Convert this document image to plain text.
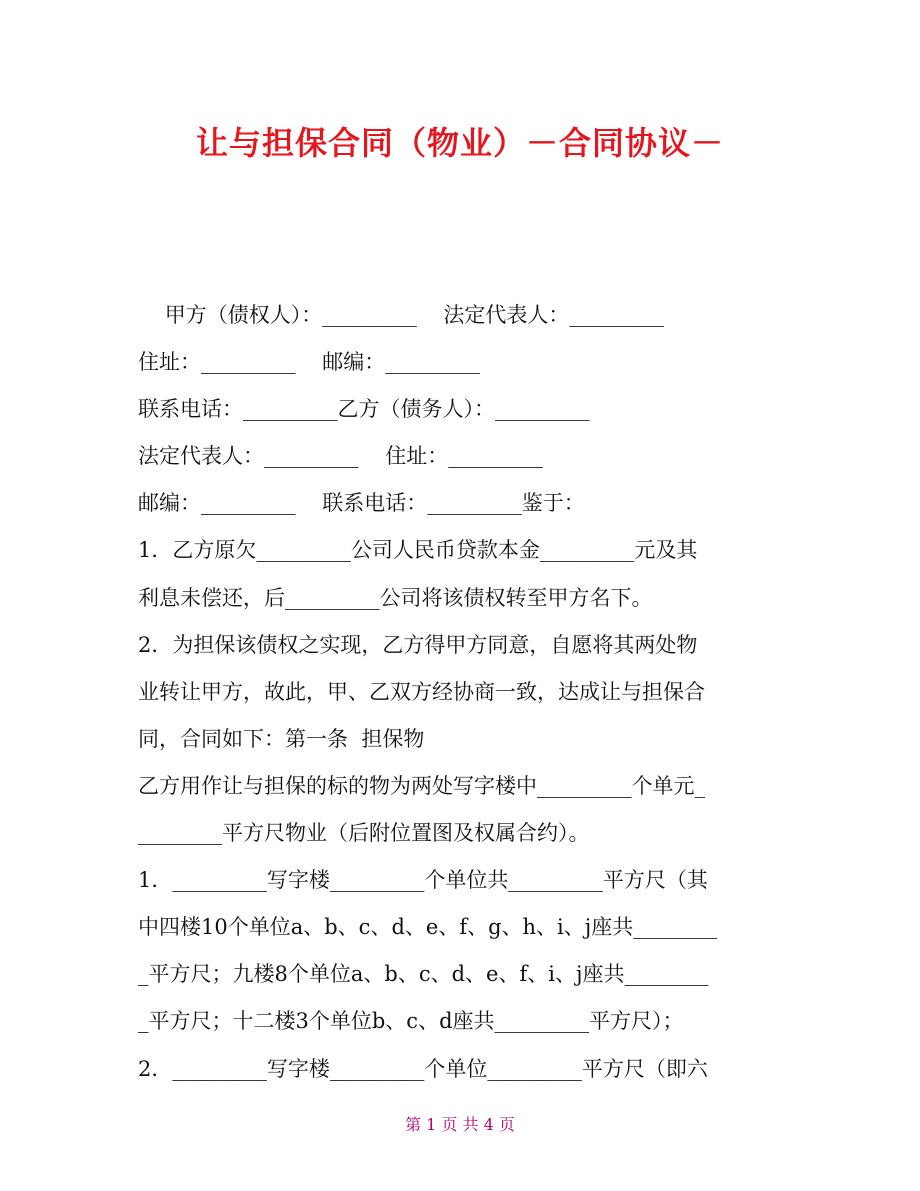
让与担保合同（物业）－合同协议－
甲方（债权人）：_________    法定代表人：_________
住址：_________    邮编：_________
联系电话：_________乙方（债务人）：_________
法定代表人：_________    住址：_________
邮编：_________    联系电话：_________鉴于：
1．乙方原欠_________公司人民币贷款本金_________元及其
利息未偿还，后_________公司将该债权转至甲方名下。
2．为担保该债权之实现，乙方得甲方同意，自愿将其两处物
业转让甲方，故此，甲、乙双方经协商一致，达成让与担保合
同，合同如下：第一条  担保物
乙方用作让与担保的标的物为两处写字楼中_________个单元_
________平方尺物业（后附位置图及权属合约）。
1．_________写字楼_________个单位共_________平方尺（其
中四楼10个单位a、b、c、d、e、f、g、h、i、j座共________
_平方尺；九楼8个单位a、b、c、d、e、f、i、j座共________
_平方尺；十二楼3个单位b、c、d座共_________平方尺）；
2．_________写字楼_________个单位_________平方尺（即六
第 1 页 共 4 页
